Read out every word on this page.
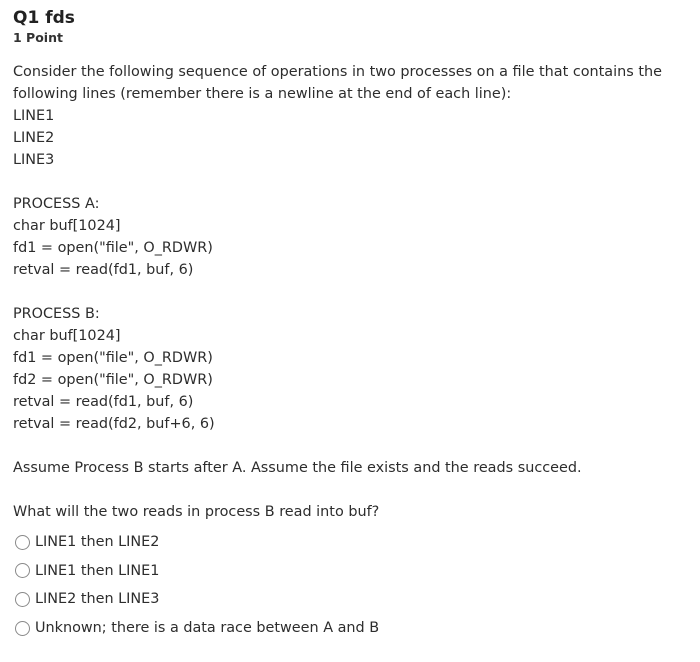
Q1 fds
1 Point
Consider the following sequence of operations in two processes on a file that contains the
following lines (remember there is a newline at the end of each line):
LINE1
LINE2
LINE3
PROCESS A:
char buf[1024]
fd1 = open("file", O_RDWR)
retval = read(fd1, buf, 6)
PROCESS B:
char buf[1024]
fd1 = open("file", O_RDWR)
fd2 = open("file", O_RDWR)
retval = read(fd1, buf, 6)
retval = read(fd2, buf+6, 6)
Assume Process B starts after A. Assume the file exists and the reads succeed.
What will the two reads in process B read into buf?
LINE1 then LINE2
LINE1 then LINE1
LINE2 then LINE3
Unknown; there is a data race between A and B
